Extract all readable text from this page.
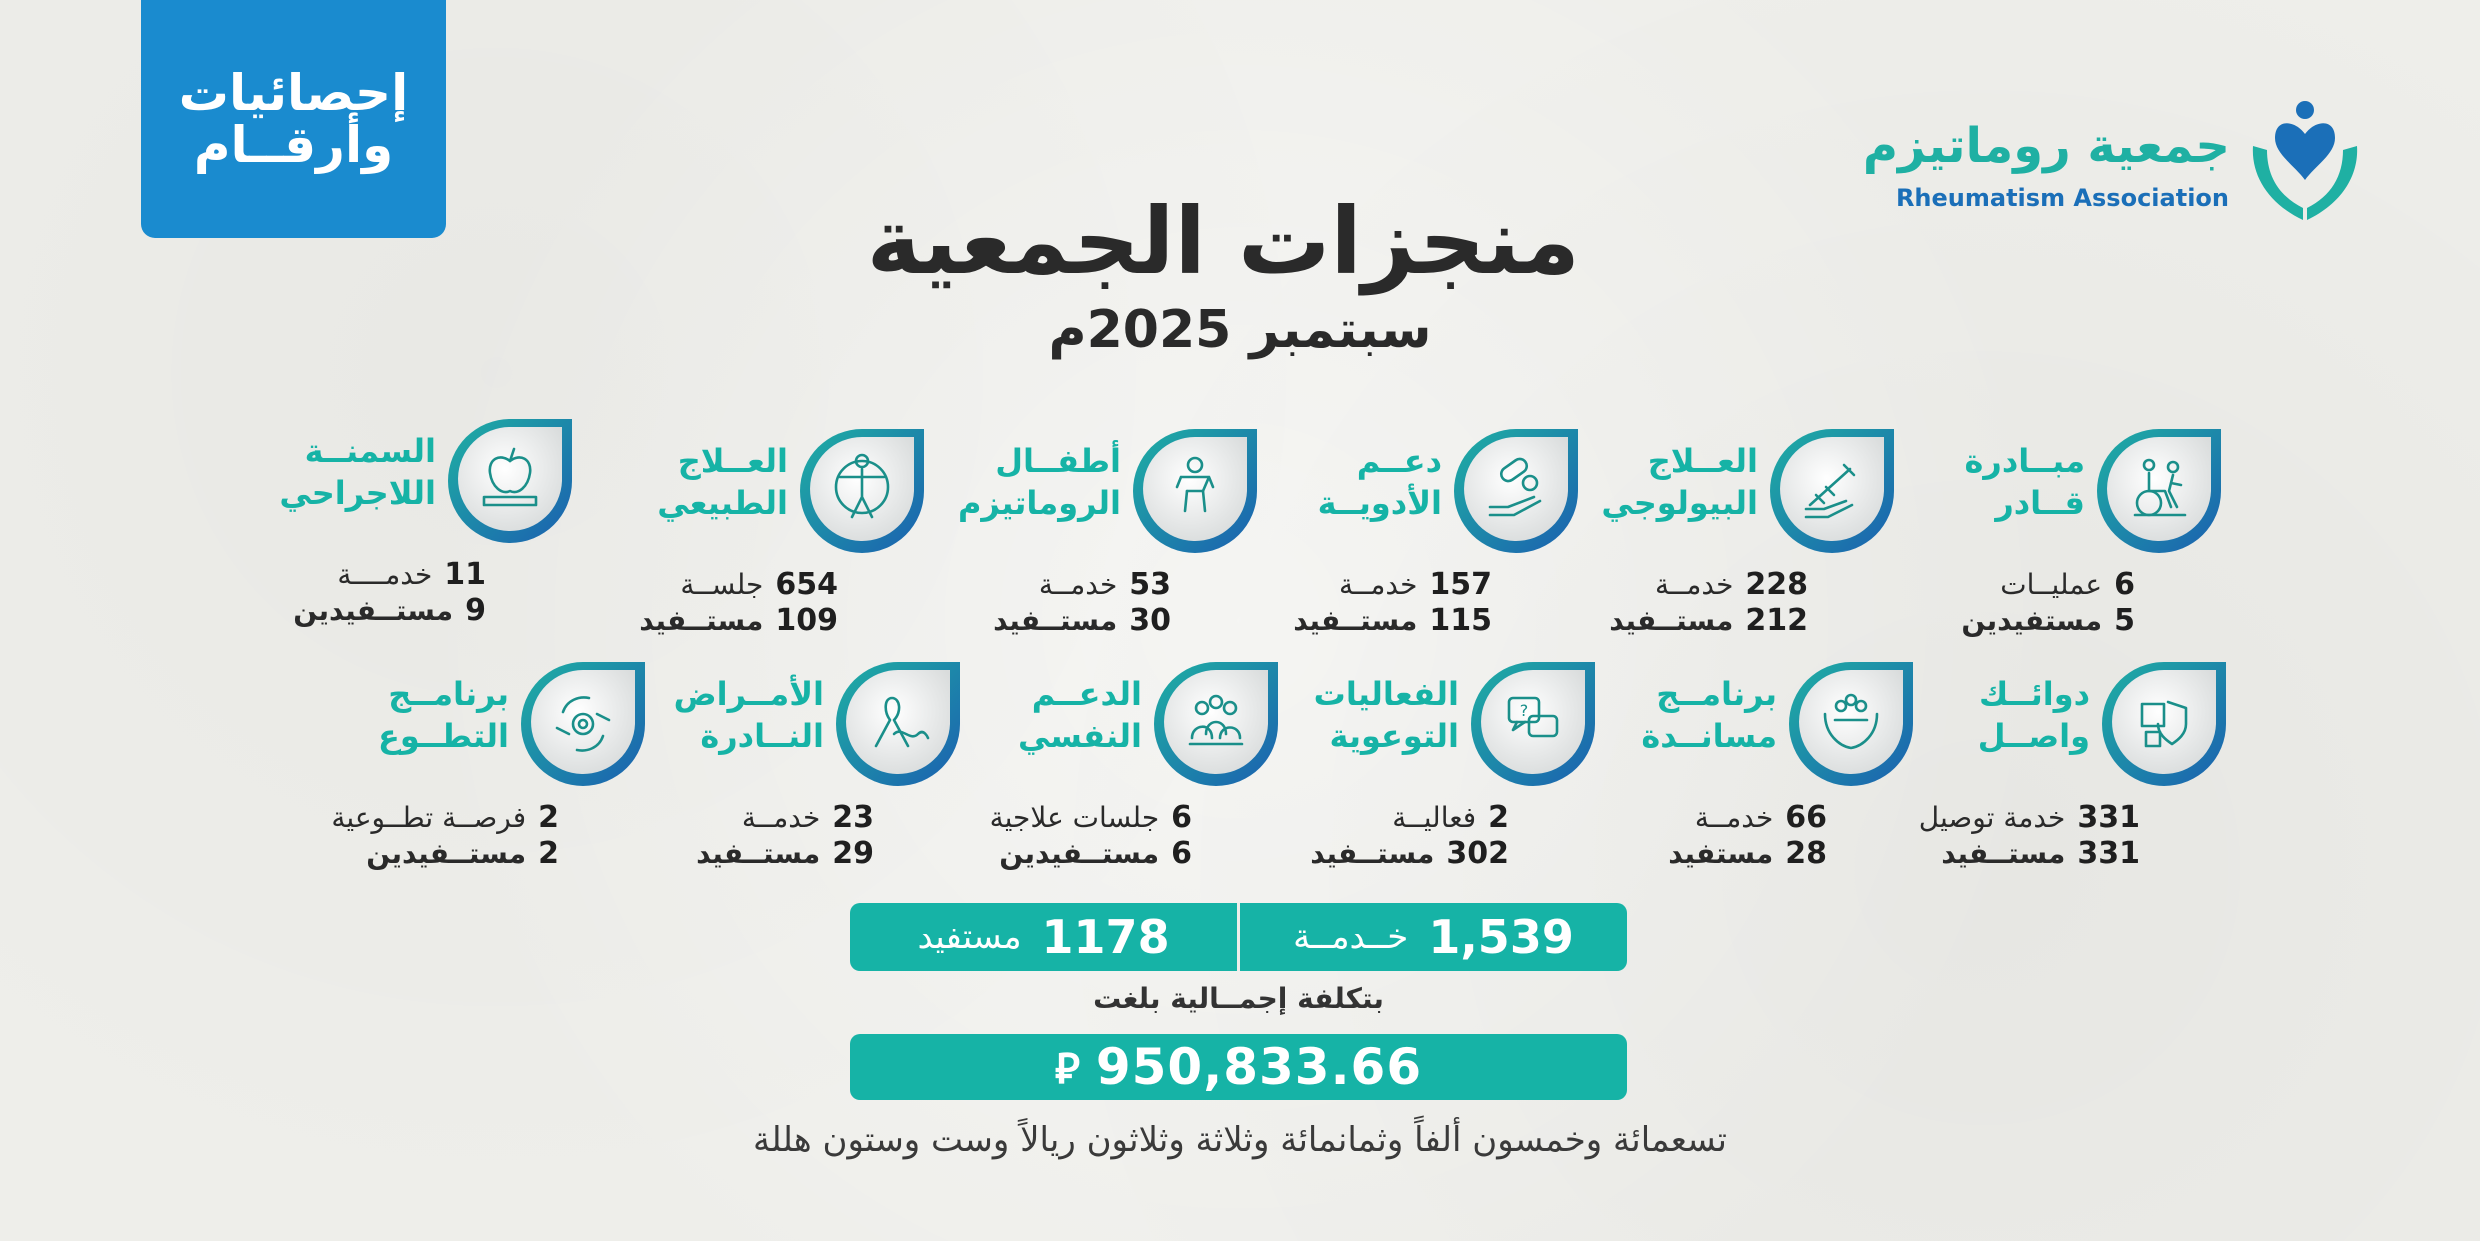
إحصائيات
وأرقــام	جمعية روماتيزم
Rheumatism Association
منجزات الجمعية
سبتمبر 2025م
مبــادرة
قــادر
6
عمليــات
5
مستفيدين
العــلاج
البيولوجي
228
خدمــة
212
مستــفيد
دعــم
الأدويــة
157
خدمــة
115
مستــفيد
أطفــال
الروماتيزم
53
خدمــة
30
مستــفيد
العــلاج
الطبيعي
654
جلســة
109
مستــفيد
السمنــة
اللاجراحي
11
خدمــــة
9
مستــفيدين
دوائــك
واصــل
331
خدمة توصيل
331
مستــفيد
برنامــج
مسانــدة
66
خدمــة
28
مستفيد
?
الفعاليات
التوعوية
2
فعاليــة
302
مستــفيد
الدعــم
النفسي
6
جلسات علاجية
6
مستــفيدين
الأمــراض
النــادرة
23
خدمــة
29
مستــفيد
برنامــج
التطــوع
2
فرصــة تطــوعية
2
مستــفيدين
1,539
خــدمــة
1178
مستفيد
بتكلفة إجمــالية بلغت
950,833.66
⃁
تسعمائة وخمسون ألفاً وثمانمائة وثلاثة وثلاثون ريالاً وست وستون هللة
